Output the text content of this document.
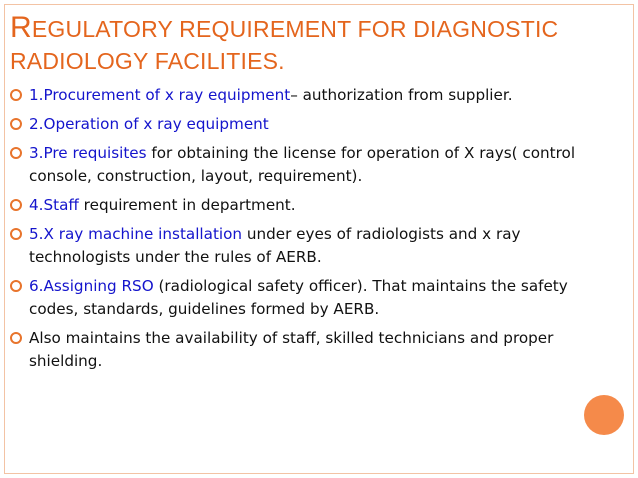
REGULATORY REQUIREMENT FOR DIAGNOSTIC
RADIOLOGY FACILITIES.
1.Procurement of x ray equipment– authorization from supplier.
2.Operation of x ray equipment
3.Pre requisites for obtaining the license for operation of X rays( control console, construction, layout, requirement).
4.Staff requirement in department.
5.X ray machine installation under eyes of radiologists and x ray technologists under the rules of AERB.
6.Assigning RSO (radiological safety officer). That maintains the safety codes, standards, guidelines formed by AERB.
Also maintains the availability of staff, skilled technicians and proper shielding.
